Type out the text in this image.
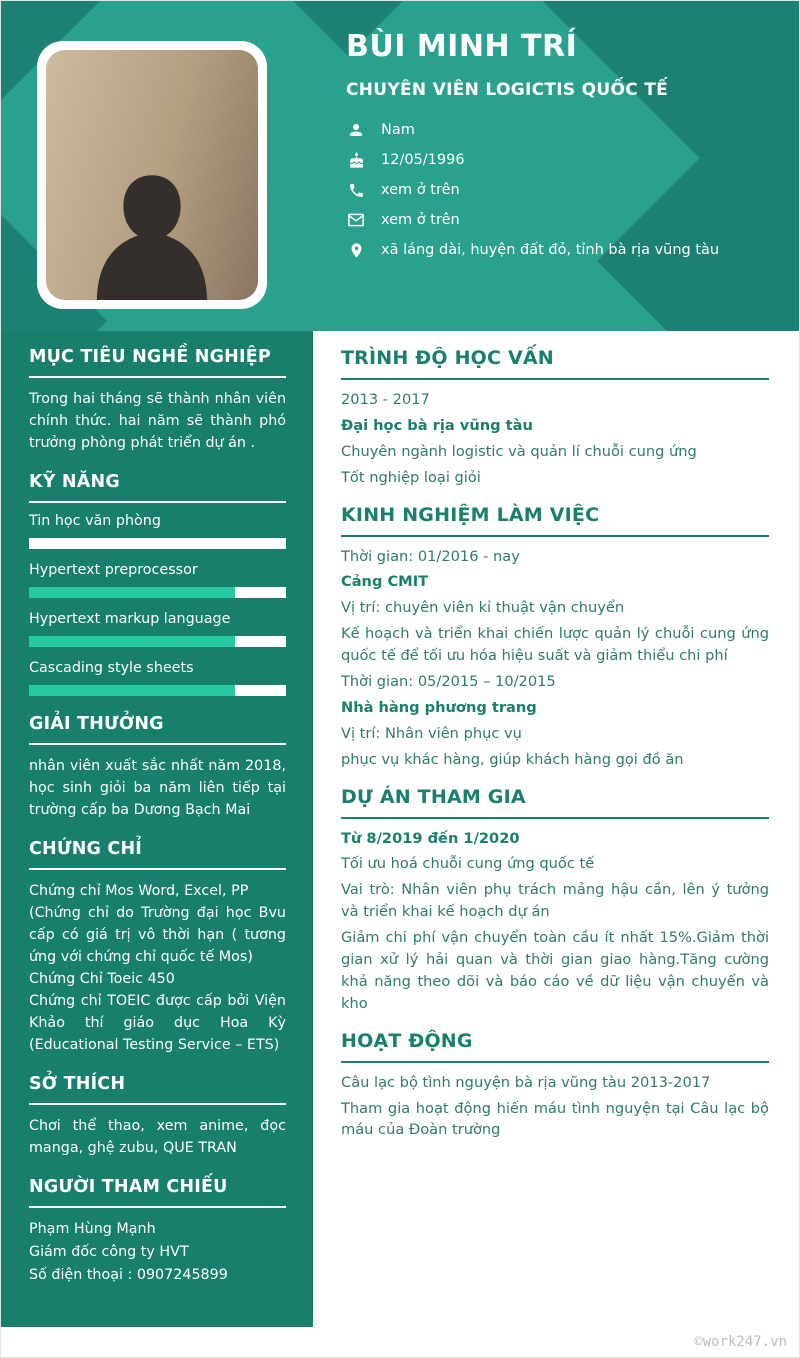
BÙI MINH TRÍ
CHUYÊN VIÊN LOGICTIS QUỐC TẾ
Nam
12/05/1996
xem ở trên
xem ở trên
xã láng dài, huyện đất đỏ, tỉnh bà rịa vũng tàu
MỤC TIÊU NGHỀ NGHIỆP

Trong hai tháng sẽ thành nhân viên chính thức. hai năm sẽ thành phó trưởng phòng phát triển dự án .

KỸ NĂNG
Tin học văn phòng
Hypertext preprocessor
Hypertext markup language
Cascading style sheets
GIẢI THƯỞNG

nhân viên xuất sắc nhất năm 2018, học sinh giỏi ba năm liên tiếp tại trường cấp ba Dương Bạch Mai

CHỨNG CHỈ

Chứng chỉ Mos Word, Excel, PP

(Chứng chỉ do Trường đại học Bvu cấp có giá trị vô thời hạn ( tương ứng với chứng chỉ quốc tế Mos)

Chứng Chỉ Toeic 450

Chứng chỉ TOEIC được cấp bởi Viện Khảo thí giáo dục Hoa Kỳ (Educational Testing Service – ETS)

SỞ THÍCH

Chơi thể thao, xem anime, đọc manga, ghệ zubu, QUE TRAN

NGƯỜI THAM CHIẾU

Phạm Hùng Mạnh

Giám đốc công ty HVT

Số điện thoại : 0907245899

TRÌNH ĐỘ HỌC VẤN

2013 - 2017

Đại học bà rịa vũng tàu

Chuyên ngành logistic và quản lí chuỗi cung ứng

Tốt nghiệp loại giỏi

KINH NGHIỆM LÀM VIỆC

Thời gian: 01/2016 - nay

Cảng CMIT

Vị trí: chuyên viên kỉ thuật vận chuyển

Kế hoạch và triển khai chiến lược quản lý chuỗi cung ứng quốc tế để tối ưu hóa hiệu suất và giảm thiểu chi phí

Thời gian: 05/2015 – 10/2015

Nhà hàng phương trang

Vị trí: Nhân viên phục vụ

phục vụ khác hàng, giúp khách hàng gọi đồ ăn

DỰ ÁN THAM GIA

Từ 8/2019 đến 1/2020

Tối ưu hoá chuỗi cung ứng quốc tế

Vai trò: Nhân viên phụ trách mảng hậu cần, lên ý tưởng và triển khai kế hoạch dự án

Giảm chi phí vận chuyển toàn cầu ít nhất 15%.Giảm thời gian xử lý hải quan và thời gian giao hàng.Tăng cường khả năng theo dõi và báo cáo về dữ liệu vận chuyển và kho

HOẠT ĐỘNG

Câu lạc bộ tình nguyện bà rịa vũng tàu 2013-2017

Tham gia hoạt động hiến máu tình nguyện tại Câu lạc bộ máu của Đoàn trường

©work247.vn
